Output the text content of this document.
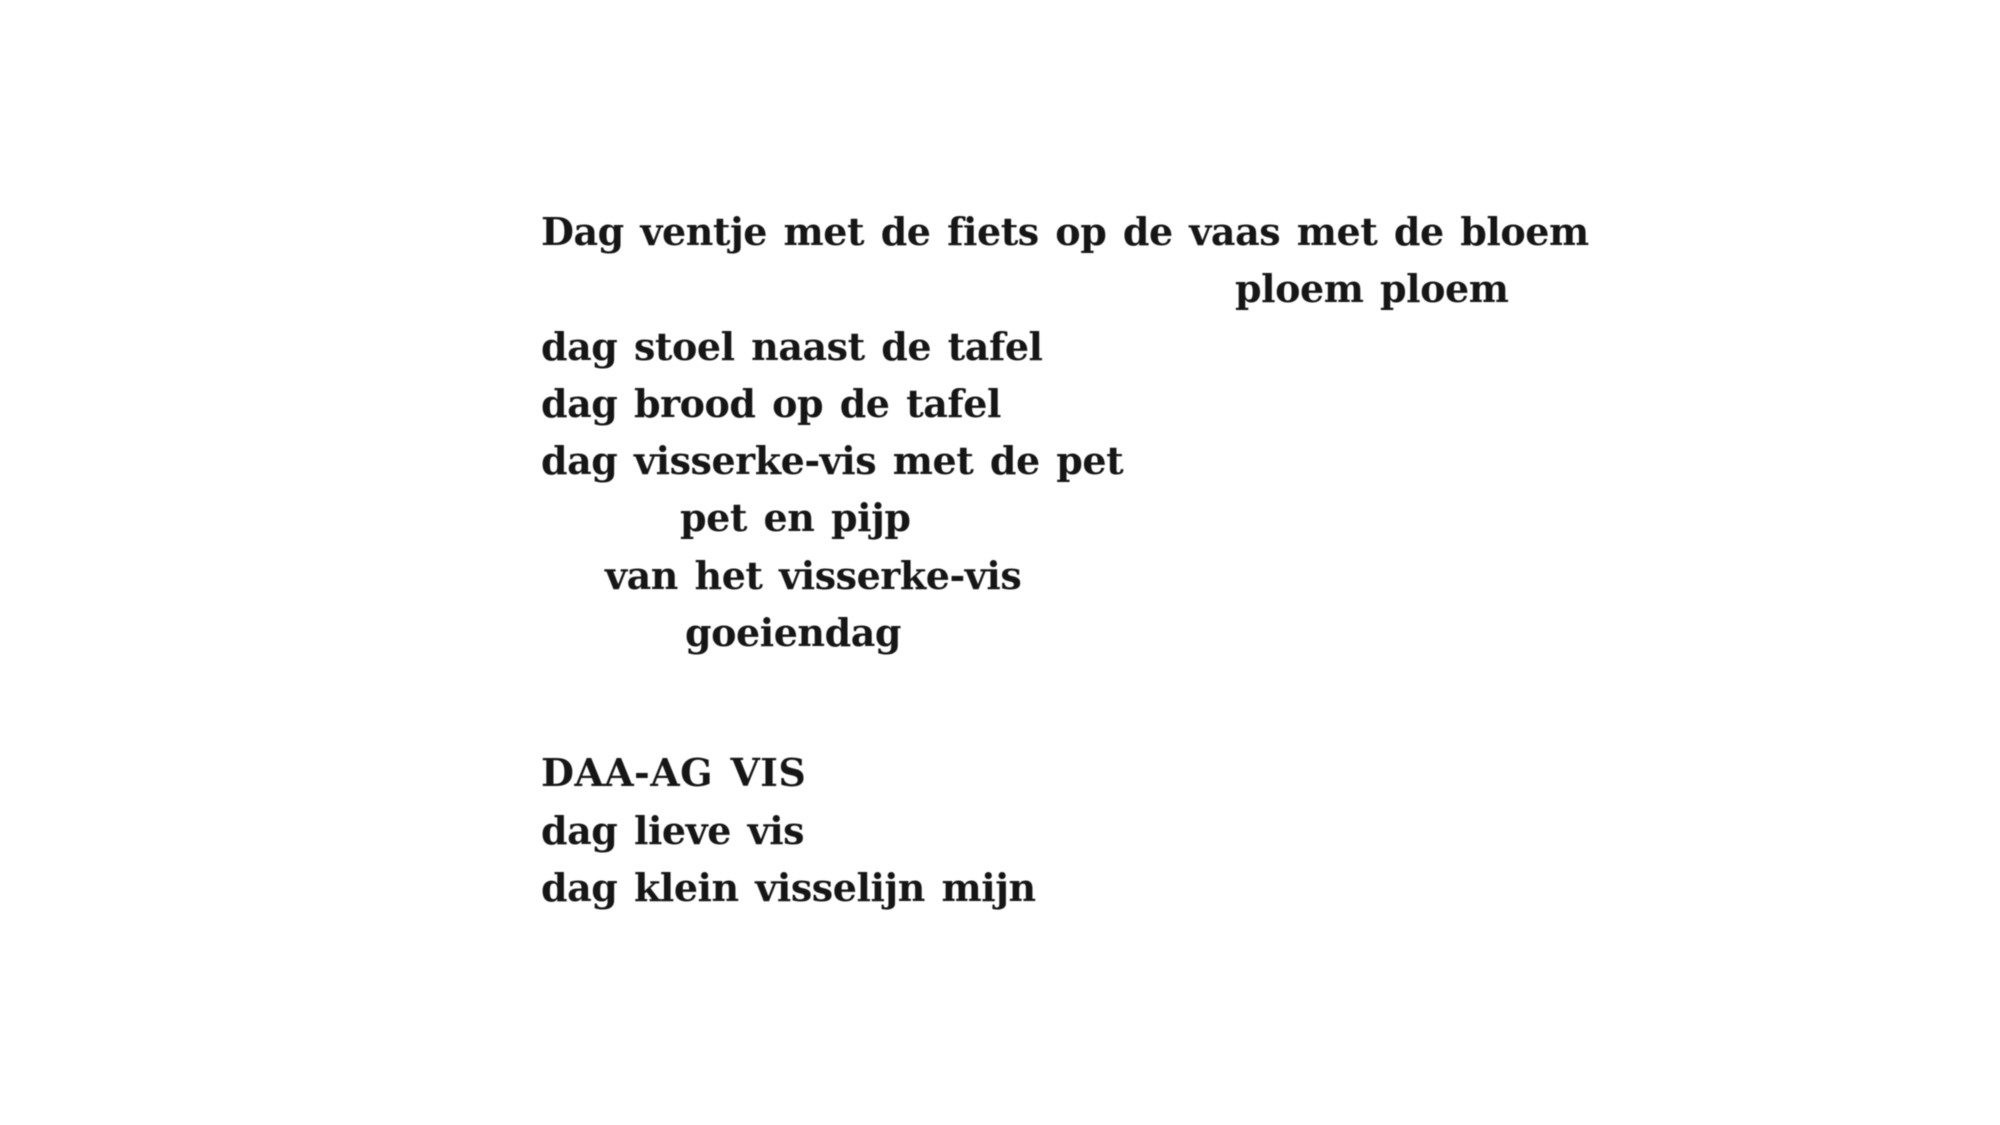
Dag ventje met de fiets op de vaas met de bloem
ploem ploem
dag stoel naast de tafel
dag brood op de tafel
dag visserke-vis met de pet
pet en pijp
van het visserke-vis
goeiendag
DAA-AG VIS
dag lieve vis
dag klein visselijn mijn
